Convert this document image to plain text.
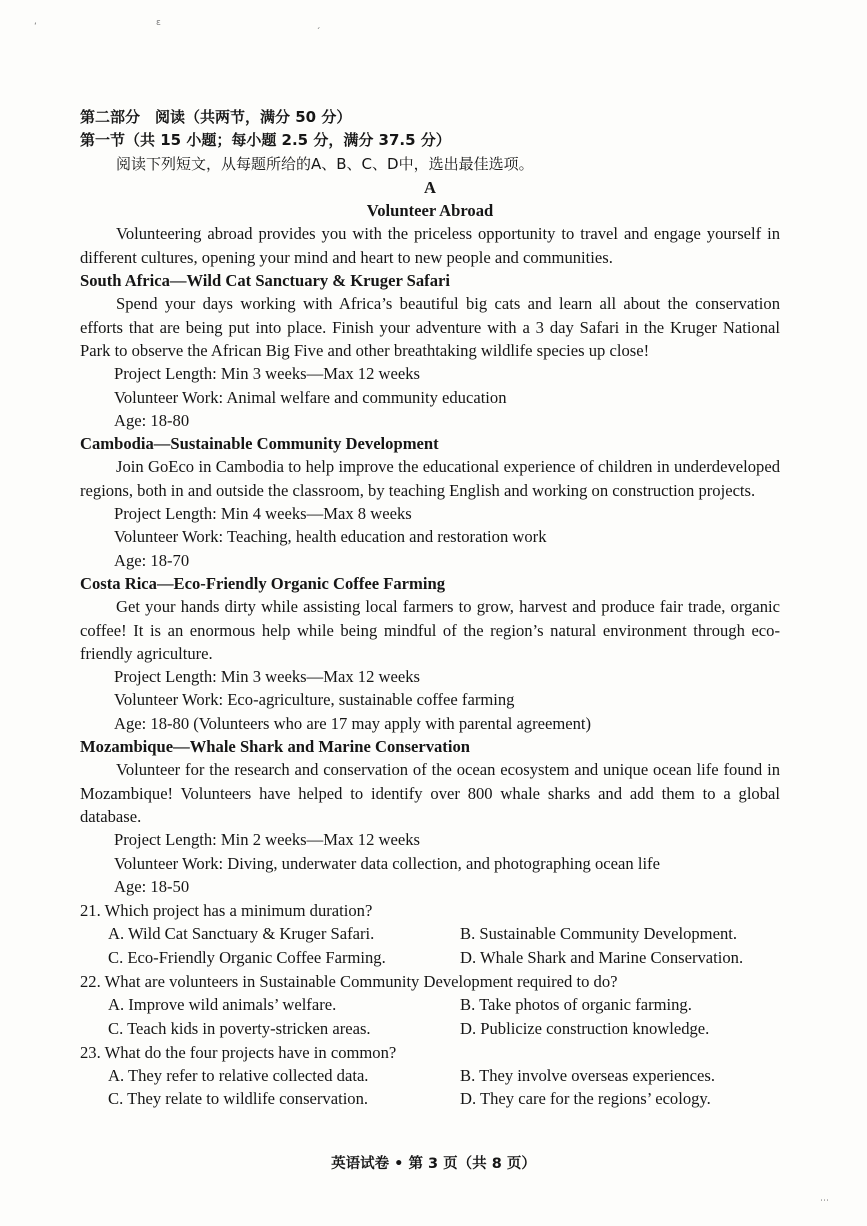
ʻ	ɛ	ˏ
⋯
第二部分　阅读（共两节，满分 50 分）
第一节（共 15 小题；每小题 2.5 分，满分 37.5 分）
阅读下列短文，从每题所给的A、B、C、D中，选出最佳选项。
A
Volunteer Abroad
Volunteering abroad provides you with the priceless opportunity to travel and engage yourself in different cultures, opening your mind and heart to new people and communities.
South Africa—Wild Cat Sanctuary & Kruger Safari
Spend your days working with Africa’s beautiful big cats and learn all about the conservation efforts that are being put into place. Finish your adventure with a 3 day Safari in the Kruger National Park to observe the African Big Five and other breathtaking wildlife species up close!
Project Length: Min 3 weeks—Max 12 weeks
Volunteer Work: Animal welfare and community education
Age: 18-80
Cambodia—Sustainable Community Development
Join GoEco in Cambodia to help improve the educational experience of children in underdeveloped regions, both in and outside the classroom, by teaching English and working on construction projects.
Project Length: Min 4 weeks—Max 8 weeks
Volunteer Work: Teaching, health education and restoration work
Age: 18-70
Costa Rica—Eco-Friendly Organic Coffee Farming
Get your hands dirty while assisting local farmers to grow, harvest and produce fair trade, organic coffee! It is an enormous help while being mindful of the region’s natural environment through eco-friendly agriculture.
Project Length: Min 3 weeks—Max 12 weeks
Volunteer Work: Eco-agriculture, sustainable coffee farming
Age: 18-80 (Volunteers who are 17 may apply with parental agreement)
Mozambique—Whale Shark and Marine Conservation
Volunteer for the research and conservation of the ocean ecosystem and unique ocean life found in Mozambique! Volunteers have helped to identify over 800 whale sharks and add them to a global database.
Project Length: Min 2 weeks—Max 12 weeks
Volunteer Work: Diving, underwater data collection, and photographing ocean life
Age: 18-50
21. Which project has a minimum duration?
A. Wild Cat Sanctuary & Kruger Safari.	B. Sustainable Community Development.
C. Eco-Friendly Organic Coffee Farming.	D. Whale Shark and Marine Conservation.
22. What are volunteers in Sustainable Community Development required to do?
A. Improve wild animals’ welfare.	B. Take photos of organic farming.
C. Teach kids in poverty-stricken areas.	D. Publicize construction knowledge.
23. What do the four projects have in common?
A. They refer to relative collected data.	B. They involve overseas experiences.
C. They relate to wildlife conservation.	D. They care for the regions’ ecology.
英语试卷 • 第 3 页（共 8 页）
